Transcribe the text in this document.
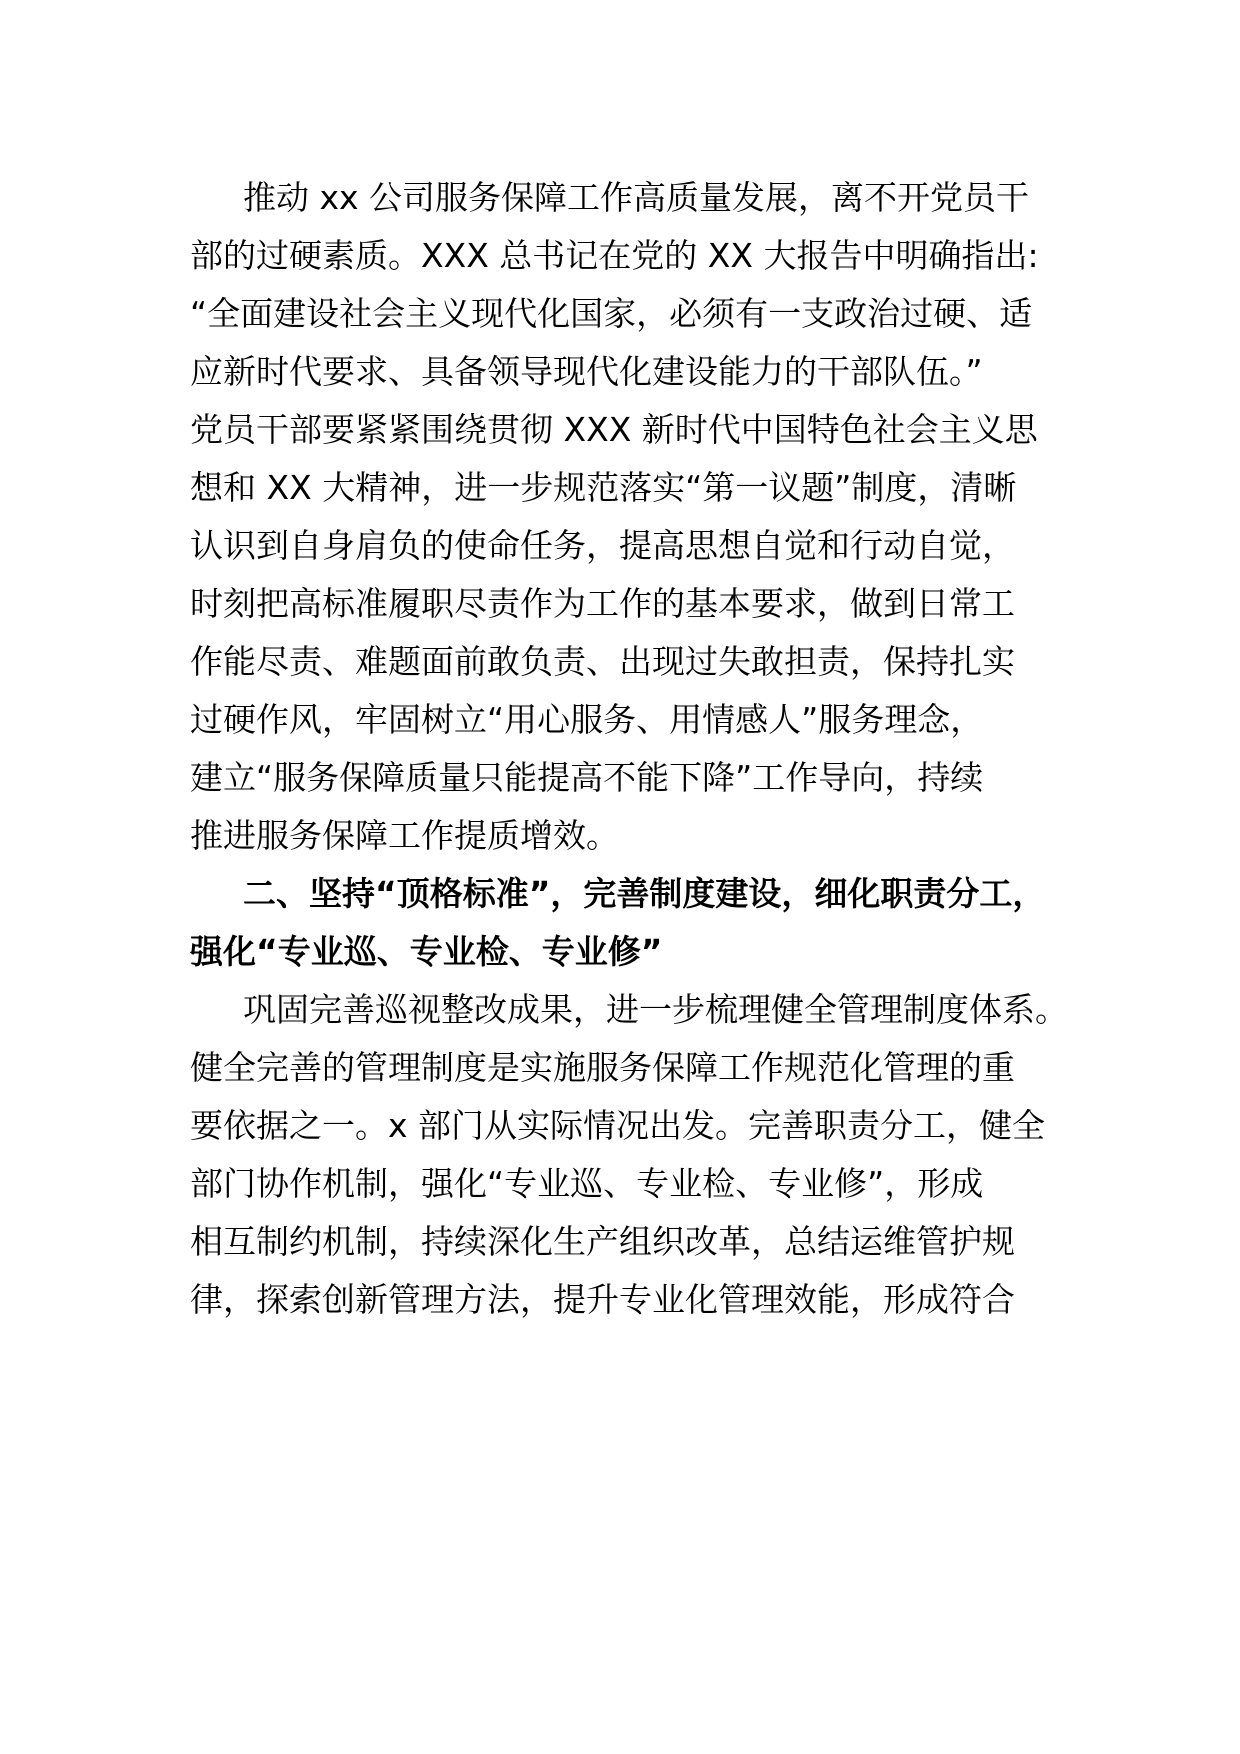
推动 xx 公司服务保障工作高质量发展，离不开党员干

部的过硬素质。XXX 总书记在党的 XX 大报告中明确指出:

“全面建设社会主义现代化国家，必须有一支政治过硬、适

应新时代要求、具备领导现代化建设能力的干部队伍。”

党员干部要紧紧围绕贯彻 XXX 新时代中国特色社会主义思

想和 XX 大精神，进一步规范落实“第一议题”制度，清晰

认识到自身肩负的使命任务，提高思想自觉和行动自觉，

时刻把高标准履职尽责作为工作的基本要求，做到日常工

作能尽责、难题面前敢负责、出现过失敢担责，保持扎实

过硬作风，牢固树立“用心服务、用情感人”服务理念，

建立“服务保障质量只能提高不能下降”工作导向，持续

推进服务保障工作提质增效。

二、坚持“顶格标准”，完善制度建设，细化职责分工，

强化“专业巡、专业检、专业修”

巩固完善巡视整改成果，进一步梳理健全管理制度体系。

健全完善的管理制度是实施服务保障工作规范化管理的重

要依据之一。x 部门从实际情况出发。完善职责分工，健全

部门协作机制，强化“专业巡、专业检、专业修”，形成

相互制约机制，持续深化生产组织改革，总结运维管护规

律，探索创新管理方法，提升专业化管理效能，形成符合
